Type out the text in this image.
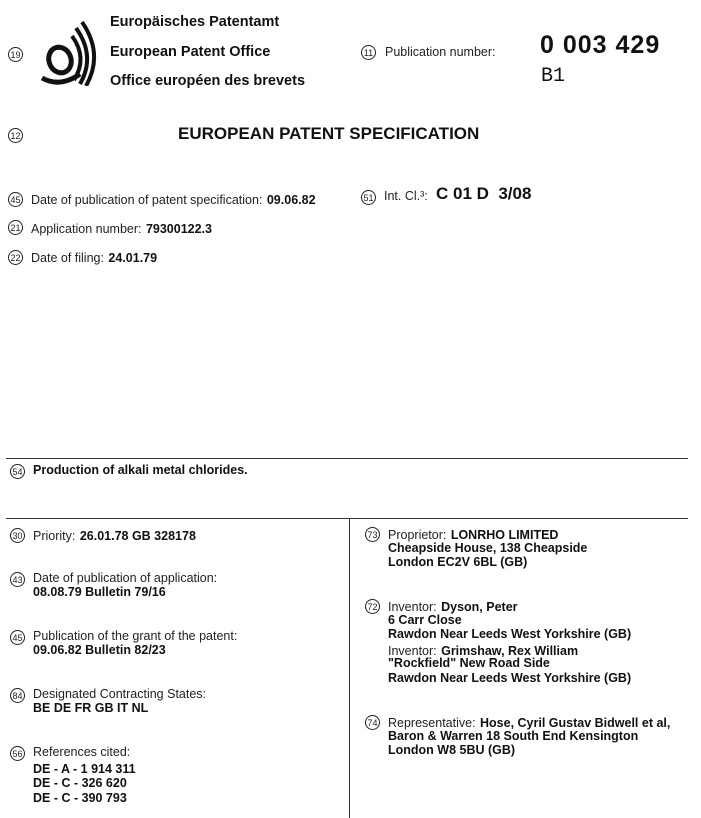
19
Europäisches Patentamt
European Patent Office
Office européen des brevets
11 Publication number: 0 003 429
B1
12	EUROPEAN PATENT SPECIFICATION
45 Date of publication of patent specification: 09.06.82	51 Int. Cl.³: C 01 D  3/08
21 Application number: 79300122.3
22 Date of filing: 24.01.79
54 Production of alkali metal chlorides.
30 Priority: 26.01.78 GB 328178
43 Date of publication of application:
08.08.79 Bulletin 79/16
45 Publication of the grant of the patent:
09.06.82 Bulletin 82/23
84 Designated Contracting States:
BE DE FR GB IT NL
56 References cited:
DE - A - 1 914 311
DE - C - 326 620
DE - C - 390 793
73 Proprietor: LONRHO LIMITED
Cheapside House, 138 Cheapside
London EC2V 6BL (GB)
72 Inventor: Dyson, Peter
6 Carr Close
Rawdon Near Leeds West Yorkshire (GB)
Inventor: Grimshaw, Rex William
"Rockfield" New Road Side
Rawdon Near Leeds West Yorkshire (GB)
74 Representative: Hose, Cyril Gustav Bidwell et al,
Baron & Warren 18 South End Kensington
London W8 5BU (GB)
